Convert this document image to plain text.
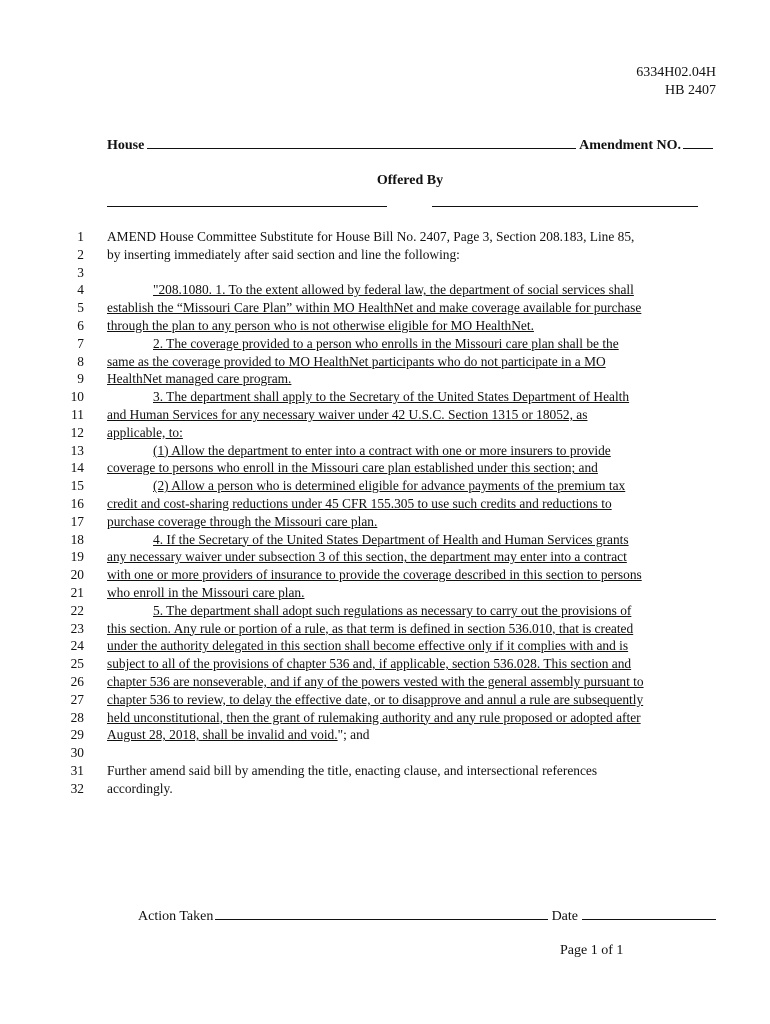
6334H02.04H
HB 2407
House	Amendment NO.
Offered By
1 AMEND House Committee Substitute for House Bill No. 2407, Page 3, Section 208.183, Line 85,
2 by inserting immediately after said section and line the following:
3
4	"208.1080. 1. To the extent allowed by federal law, the department of social services shall
5 establish the “Missouri Care Plan” within MO HealthNet and make coverage available for purchase
6 through the plan to any person who is not otherwise eligible for MO HealthNet.
7	2. The coverage provided to a person who enrolls in the Missouri care plan shall be the
8 same as the coverage provided to MO HealthNet participants who do not participate in a MO
9 HealthNet managed care program.
10	3. The department shall apply to the Secretary of the United States Department of Health
11 and Human Services for any necessary waiver under 42 U.S.C. Section 1315 or 18052, as
12 applicable, to:
13	(1) Allow the department to enter into a contract with one or more insurers to provide
14 coverage to persons who enroll in the Missouri care plan established under this section; and
15	(2) Allow a person who is determined eligible for advance payments of the premium tax
16 credit and cost-sharing reductions under 45 CFR 155.305 to use such credits and reductions to
17 purchase coverage through the Missouri care plan.
18	4. If the Secretary of the United States Department of Health and Human Services grants
19 any necessary waiver under subsection 3 of this section, the department may enter into a contract
20 with one or more providers of insurance to provide the coverage described in this section to persons
21 who enroll in the Missouri care plan.
22	5. The department shall adopt such regulations as necessary to carry out the provisions of
23 this section. Any rule or portion of a rule, as that term is defined in section 536.010, that is created
24 under the authority delegated in this section shall become effective only if it complies with and is
25 subject to all of the provisions of chapter 536 and, if applicable, section 536.028. This section and
26 chapter 536 are nonseverable, and if any of the powers vested with the general assembly pursuant to
27 chapter 536 to review, to delay the effective date, or to disapprove and annul a rule are subsequently
28 held unconstitutional, then the grant of rulemaking authority and any rule proposed or adopted after
29 August 28, 2018, shall be invalid and void."; and
30
31 Further amend said bill by amending the title, enacting clause, and intersectional references
32 accordingly.
Action Taken	Date
Page 1 of 1
